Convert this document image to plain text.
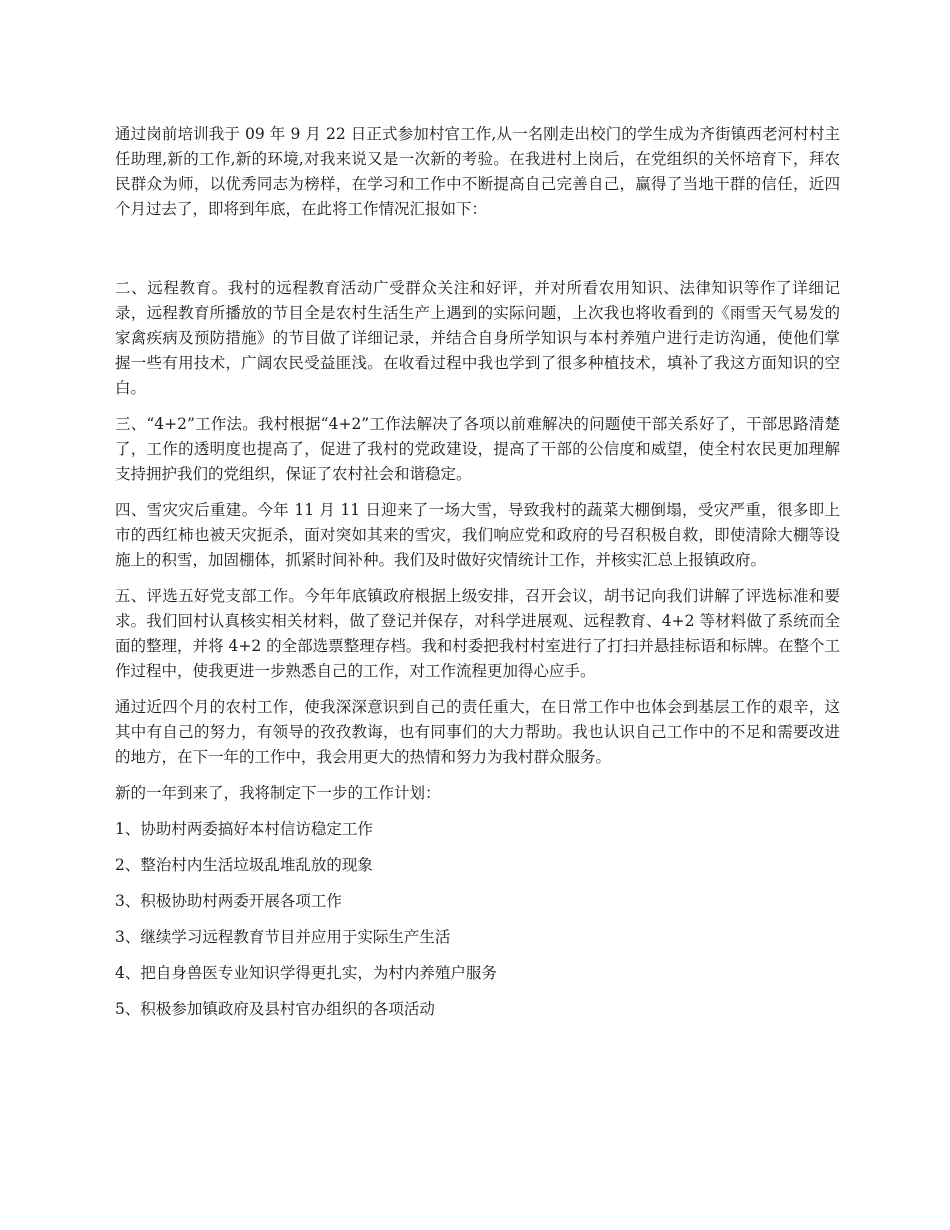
通过岗前培训我于 09 年 9 月 22 日正式参加村官工作,从一名刚走出校门的学生成为齐街镇西老河村村主任助理,新的工作,新的环境,对我来说又是一次新的考验。在我进村上岗后，在党组织的关怀培育下，拜农民群众为师，以优秀同志为榜样，在学习和工作中不断提高自己完善自己，赢得了当地干群的信任，近四个月过去了，即将到年底，在此将工作情况汇报如下：

二、远程教育。我村的远程教育活动广受群众关注和好评，并对所看农用知识、法律知识等作了详细记录，远程教育所播放的节目全是农村生活生产上遇到的实际问题，上次我也将收看到的《雨雪天气易发的家禽疾病及预防措施》的节目做了详细记录，并结合自身所学知识与本村养殖户进行走访沟通，使他们掌握一些有用技术，广阔农民受益匪浅。在收看过程中我也学到了很多种植技术，填补了我这方面知识的空白。

三、“4+2”工作法。我村根据“4+2”工作法解决了各项以前难解决的问题使干部关系好了，干部思路清楚了，工作的透明度也提高了，促进了我村的党政建设，提高了干部的公信度和威望，使全村农民更加理解支持拥护我们的党组织，保证了农村社会和谐稳定。

四、雪灾灾后重建。今年 11 月 11 日迎来了一场大雪，导致我村的蔬菜大棚倒塌，受灾严重，很多即上市的西红柿也被天灾扼杀，面对突如其来的雪灾，我们响应党和政府的号召积极自救，即使清除大棚等设施上的积雪，加固棚体，抓紧时间补种。我们及时做好灾情统计工作，并核实汇总上报镇政府。

五、评选五好党支部工作。今年年底镇政府根据上级安排，召开会议，胡书记向我们讲解了评选标准和要求。我们回村认真核实相关材料，做了登记并保存，对科学进展观、远程教育、4+2 等材料做了系统而全面的整理，并将 4+2 的全部选票整理存档。我和村委把我村村室进行了打扫并悬挂标语和标牌。在整个工作过程中，使我更进一步熟悉自己的工作，对工作流程更加得心应手。

通过近四个月的农村工作，使我深深意识到自己的责任重大，在日常工作中也体会到基层工作的艰辛，这其中有自己的努力，有领导的孜孜教诲，也有同事们的大力帮助。我也认识自己工作中的不足和需要改进的地方，在下一年的工作中，我会用更大的热情和努力为我村群众服务。

新的一年到来了，我将制定下一步的工作计划：

1、协助村两委搞好本村信访稳定工作

2、整治村内生活垃圾乱堆乱放的现象

3、积极协助村两委开展各项工作

3、继续学习远程教育节目并应用于实际生产生活

4、把自身兽医专业知识学得更扎实，为村内养殖户服务

5、积极参加镇政府及县村官办组织的各项活动
